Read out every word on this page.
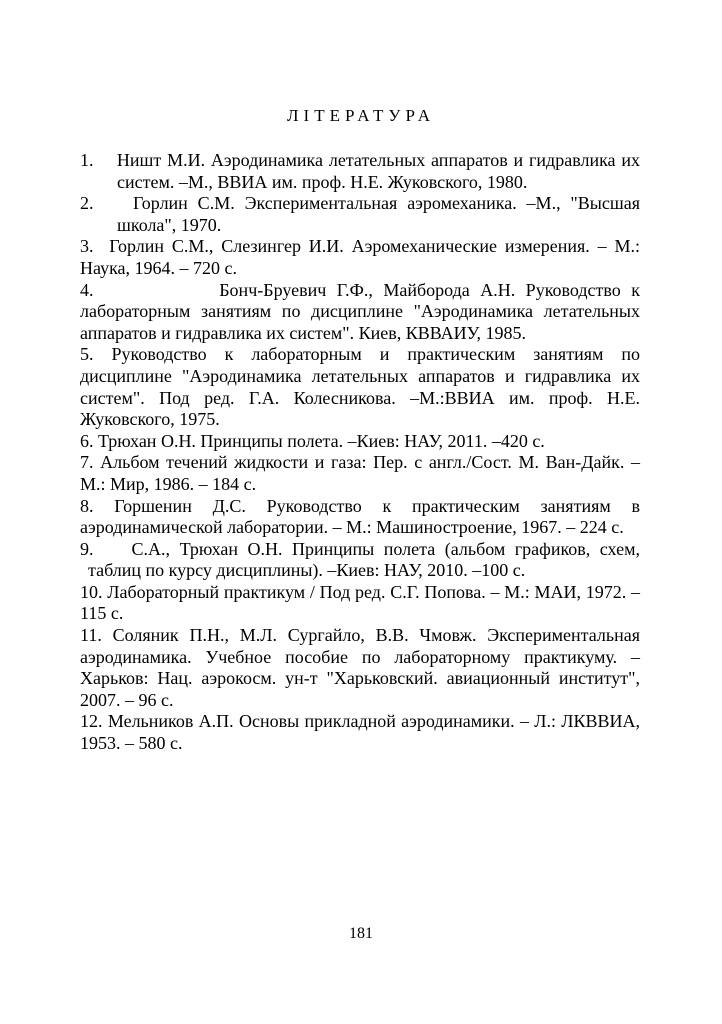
ЛІТЕРАТУРА
1. Ништ М.И. Аэродинамика летательных аппаратов и гидравлика их систем. –М., ВВИА им. проф. Н.Е. Жуковского, 1980.
2. Горлин С.М. Экспериментальная аэромеханика. –М., "Высшая школа", 1970.
3. Горлин С.М., Слезингер И.И. Аэромеханические измерения. – М.: Наука, 1964. – 720 с.
4.	Бонч-Бруевич Г.Ф., Майборода А.Н. Руководство к лабораторным занятиям по дисциплине "Аэродинамика летательных аппаратов и гидравлика их систем". Киев, КВВАИУ, 1985.
5. Руководство к лабораторным и практическим занятиям по дисциплине "Аэродинамика летательных аппаратов и гидравлика их систем". Под ред. Г.А. Колесникова. –М.:ВВИА им. проф. Н.Е. Жуковского, 1975.
6. Трюхан О.Н. Принципы полета. –Киев: НАУ, 2011. –420 с.
7. Альбом течений жидкости и газа: Пер. с англ./Сост. М. Ван-Дайк. – М.: Мир, 1986. – 184 с.
8. Горшенин Д.С. Руководство к практическим занятиям в аэродинамической лаборатории. – М.: Машиностроение, 1967. – 224 с.
9. С.А., Трюхан О.Н. Принципы полета (альбом графиков, схем, таблиц по курсу дисциплины). –Киев: НАУ, 2010. –100 с.
10. Лабораторный практикум / Под ред. С.Г. Попова. – М.: МАИ, 1972. – 115 с.
11. Соляник П.Н., М.Л. Сургайло, В.В. Чмовж. Экспериментальная аэродинамика. Учебное пособие по лабораторному практикуму. –Харьков: Нац. аэрокосм. ун-т "Харьковский. авиационный институт", 2007. – 96 с.
12. Мельников А.П. Основы прикладной аэродинамики. – Л.: ЛКВВИА, 1953. – 580 с.

181
